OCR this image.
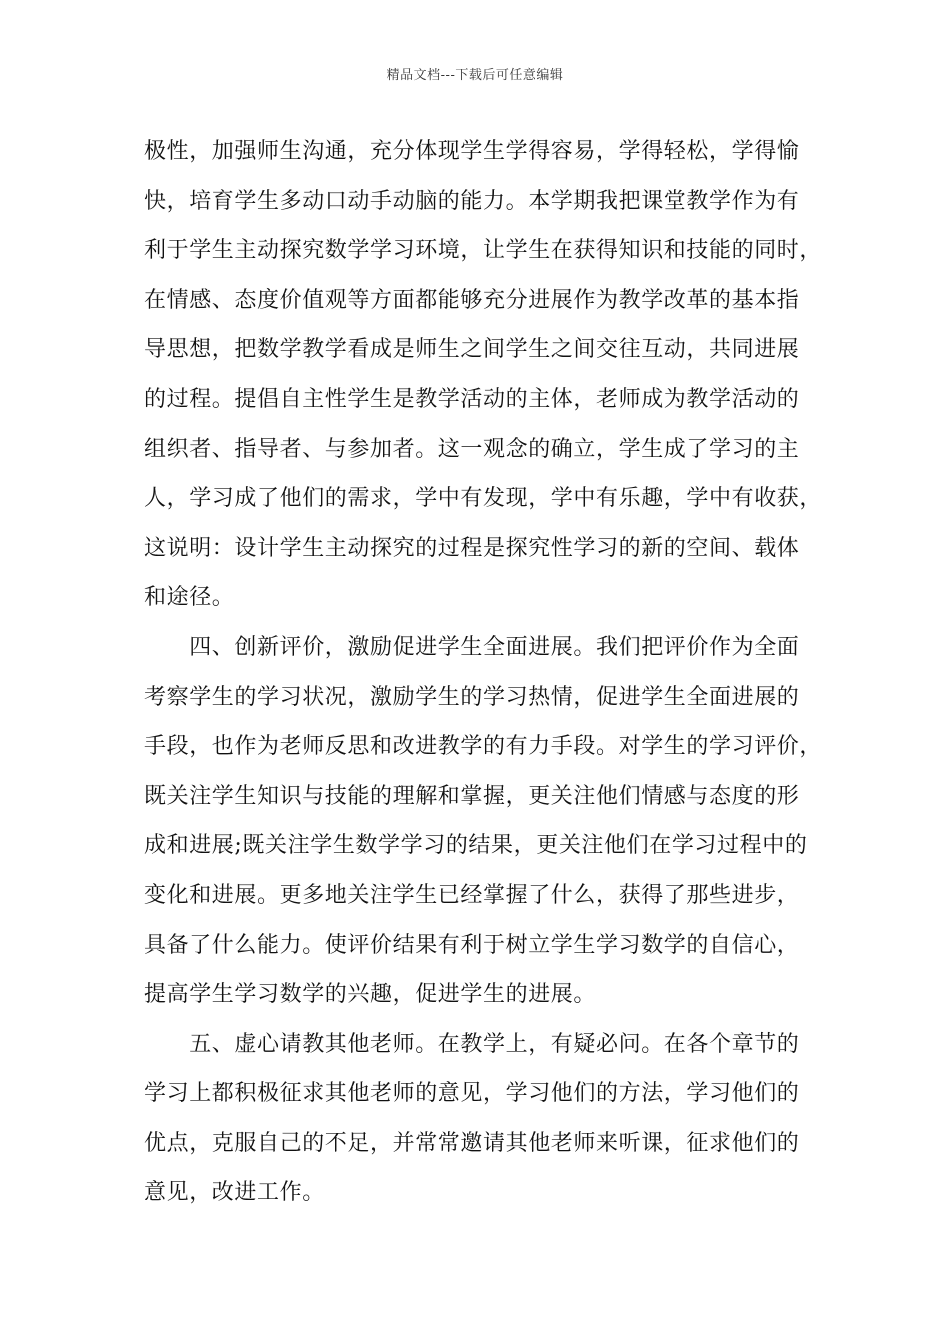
精品文档---下载后可任意编辑
极性，加强师生沟通，充分体现学生学得容易，学得轻松，学得愉
快，培育学生多动口动手动脑的能力。本学期我把课堂教学作为有
利于学生主动探究数学学习环境，让学生在获得知识和技能的同时，
在情感、态度价值观等方面都能够充分进展作为教学改革的基本指
导思想，把数学教学看成是师生之间学生之间交往互动，共同进展
的过程。提倡自主性学生是教学活动的主体，老师成为教学活动的
组织者、指导者、与参加者。这一观念的确立，学生成了学习的主
人，学习成了他们的需求，学中有发现，学中有乐趣，学中有收获，
这说明：设计学生主动探究的过程是探究性学习的新的空间、载体
和途径。
　　四、创新评价，激励促进学生全面进展。我们把评价作为全面
考察学生的学习状况，激励学生的学习热情，促进学生全面进展的
手段，也作为老师反思和改进教学的有力手段。对学生的学习评价，
既关注学生知识与技能的理解和掌握，更关注他们情感与态度的形
成和进展;既关注学生数学学习的结果，更关注他们在学习过程中的
变化和进展。更多地关注学生已经掌握了什么，获得了那些进步，
具备了什么能力。使评价结果有利于树立学生学习数学的自信心，
提高学生学习数学的兴趣，促进学生的进展。
　　五、虚心请教其他老师。在教学上，有疑必问。在各个章节的
学习上都积极征求其他老师的意见，学习他们的方法，学习他们的
优点，克服自己的不足，并常常邀请其他老师来听课，征求他们的
意见，改进工作。
